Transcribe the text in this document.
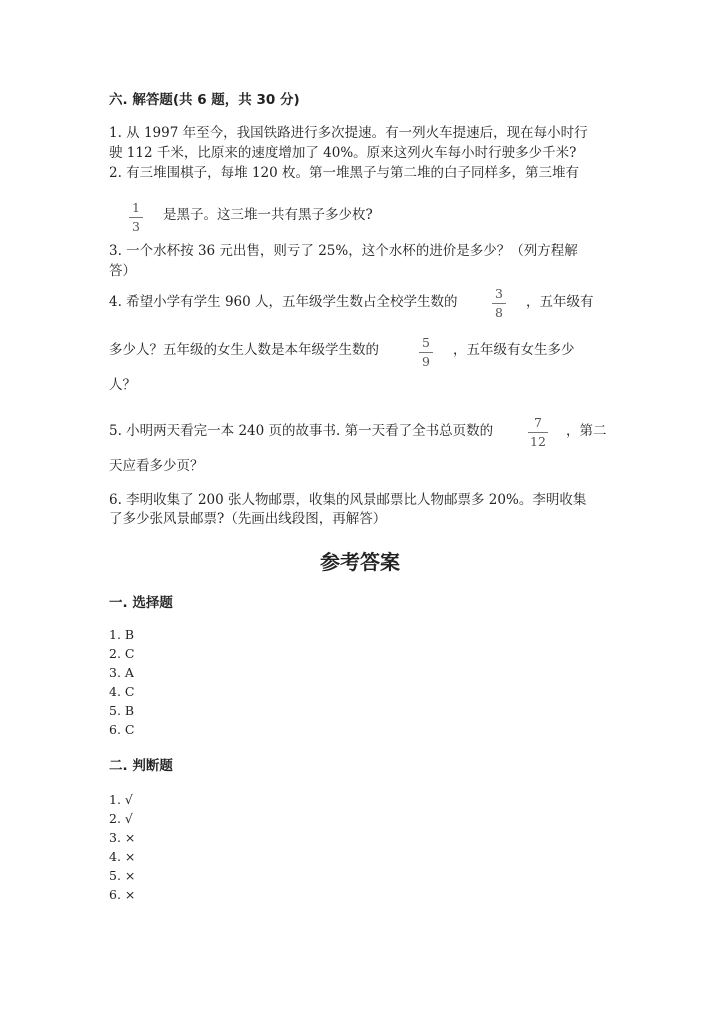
六. 解答题(共 6 题，共 30 分)
1. 从 1997 年至今，我国铁路进行多次提速。有一列火车提速后，现在每小时行
驶 112 千米，比原来的速度增加了 40%。原来这列火车每小时行驶多少千米?
2. 有三堆围棋子，每堆 120 枚。第一堆黑子与第二堆的白子同样多，第三堆有
1
3
是黑子。这三堆一共有黑子多少枚?
3. 一个水杯按 36 元出售，则亏了 25%，这个水杯的进价是多少？（列方程解
答）
4. 希望小学有学生 960 人，五年级学生数占全校学生数的
3
8
，五年级有
多少人？五年级的女生人数是本年级学生数的	5
9
，五年级有女生多少
人？
5. 小明两天看完一本 240 页的故事书. 第一天看了全书总页数的
7
12
，第二
天应看多少页？
6. 李明收集了 200 张人物邮票，收集的风景邮票比人物邮票多 20%。李明收集
了多少张风景邮票?（先画出线段图，再解答）
参考答案
一. 选择题
1. B
2. C
3. A
4. C
5. B
6. C
二. 判断题
1. √
2. √
3. ×
4. ×
5. ×
6. ×
